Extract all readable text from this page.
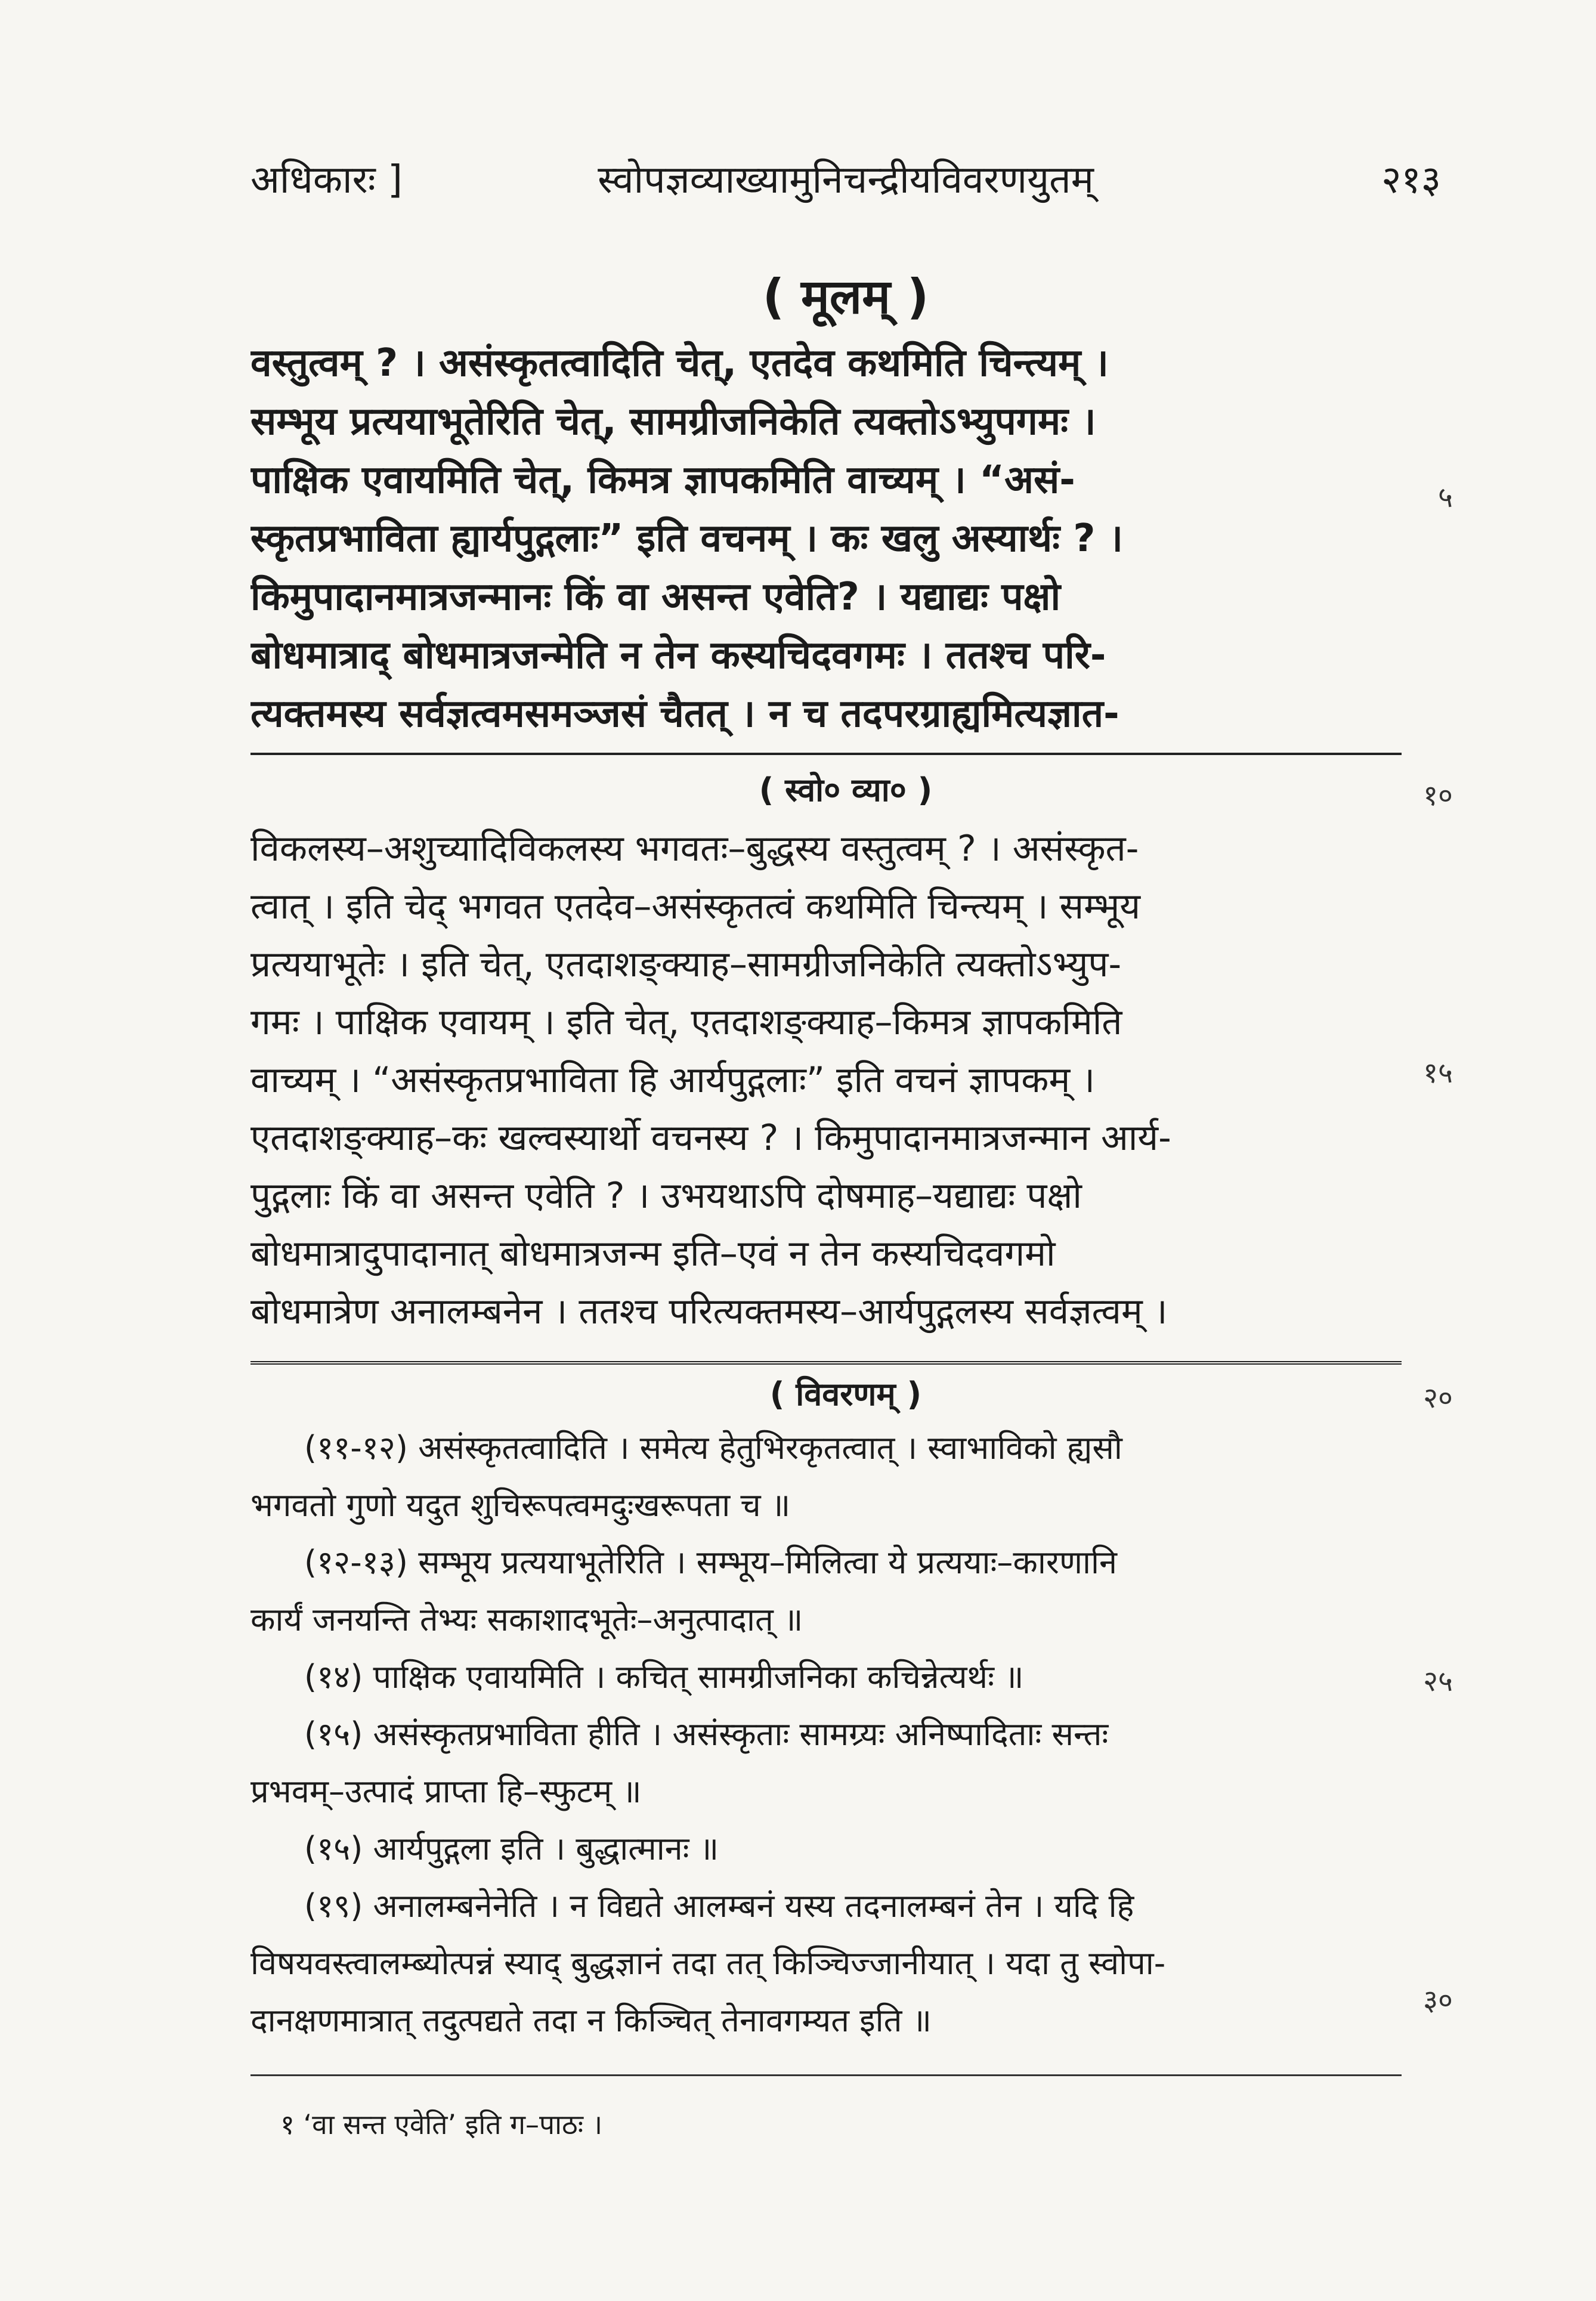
अधिकारः ]	स्वोपज्ञव्याख्यामुनिचन्द्रीयविवरणयुतम्	२१३
( मूलम् )
वस्तुत्वम् ? । असंस्कृतत्वादिति चेत्, एतदेव कथमिति चिन्त्यम् ।
सम्भूय प्रत्ययाभूतेरिति चेत्, सामग्रीजनिकेति त्यक्तोऽभ्युपगमः ।
पाक्षिक एवायमिति चेत्, किमत्र ज्ञापकमिति वाच्यम् । “असं-
स्कृतप्रभाविता ह्यार्यपुद्गलाः” इति वचनम् । कः खलु अस्यार्थः ? ।
किमुपादानमात्रजन्मानः किं वा असन्त एवेति? । यद्याद्यः पक्षो
बोधमात्राद् बोधमात्रजन्मेति न तेन कस्यचिदवगमः । ततश्च परि-
त्यक्तमस्य सर्वज्ञत्वमसमञ्जसं चैतत् । न च तदपरग्राह्यमित्यज्ञात-
( स्वो० व्या० )
विकलस्य–अशुच्यादिविकलस्य भगवतः–बुद्धस्य वस्तुत्वम् ? । असंस्कृत-
त्वात् । इति चेद् भगवत एतदेव–असंस्कृतत्वं कथमिति चिन्त्यम् । सम्भूय
प्रत्ययाभूतेः । इति चेत्, एतदाशङ्क्याह–सामग्रीजनिकेति त्यक्तोऽभ्युप-
गमः । पाक्षिक एवायम् । इति चेत्, एतदाशङ्क्याह–किमत्र ज्ञापकमिति
वाच्यम् । “असंस्कृतप्रभाविता हि आर्यपुद्गलाः” इति वचनं ज्ञापकम् ।
एतदाशङ्क्याह–कः खल्वस्यार्थो वचनस्य ? । किमुपादानमात्रजन्मान आर्य-
पुद्गलाः किं वा असन्त एवेति ? । उभयथाऽपि दोषमाह–यद्याद्यः पक्षो
बोधमात्रादुपादानात् बोधमात्रजन्म इति–एवं न तेन कस्यचिदवगमो
बोधमात्रेण अनालम्बनेन । ततश्च परित्यक्तमस्य–आर्यपुद्गलस्य सर्वज्ञत्वम् ।
( विवरणम् )
(११-१२) असंस्कृतत्वादिति । समेत्य हेतुभिरकृतत्वात् । स्वाभाविको ह्यसौ
भगवतो गुणो यदुत शुचिरूपत्वमदुःखरूपता च ॥
(१२-१३) सम्भूय प्रत्ययाभूतेरिति । सम्भूय–मिलित्वा ये प्रत्ययाः–कारणानि
कार्यं जनयन्ति तेभ्यः सकाशादभूतेः–अनुत्पादात् ॥
(१४) पाक्षिक एवायमिति । कचित् सामग्रीजनिका कचिन्नेत्यर्थः ॥
(१५) असंस्कृतप्रभाविता हीति । असंस्कृताः सामग्र्यः अनिष्पादिताः सन्तः
प्रभवम्–उत्पादं प्राप्ता हि–स्फुटम् ॥
(१५) आर्यपुद्गला इति । बुद्धात्मानः ॥
(१९) अनालम्बनेनेति । न विद्यते आलम्बनं यस्य तदनालम्बनं तेन । यदि हि
विषयवस्त्वालम्ब्योत्पन्नं स्याद् बुद्धज्ञानं तदा तत् किञ्चिज्जानीयात् । यदा तु स्वोपा-
दानक्षणमात्रात् तदुत्पद्यते तदा न किञ्चित् तेनावगम्यत इति ॥
१ ‘वा सन्त एवेति’ इति ग–पाठः ।
५
१०
१५
२०
२५
३०
